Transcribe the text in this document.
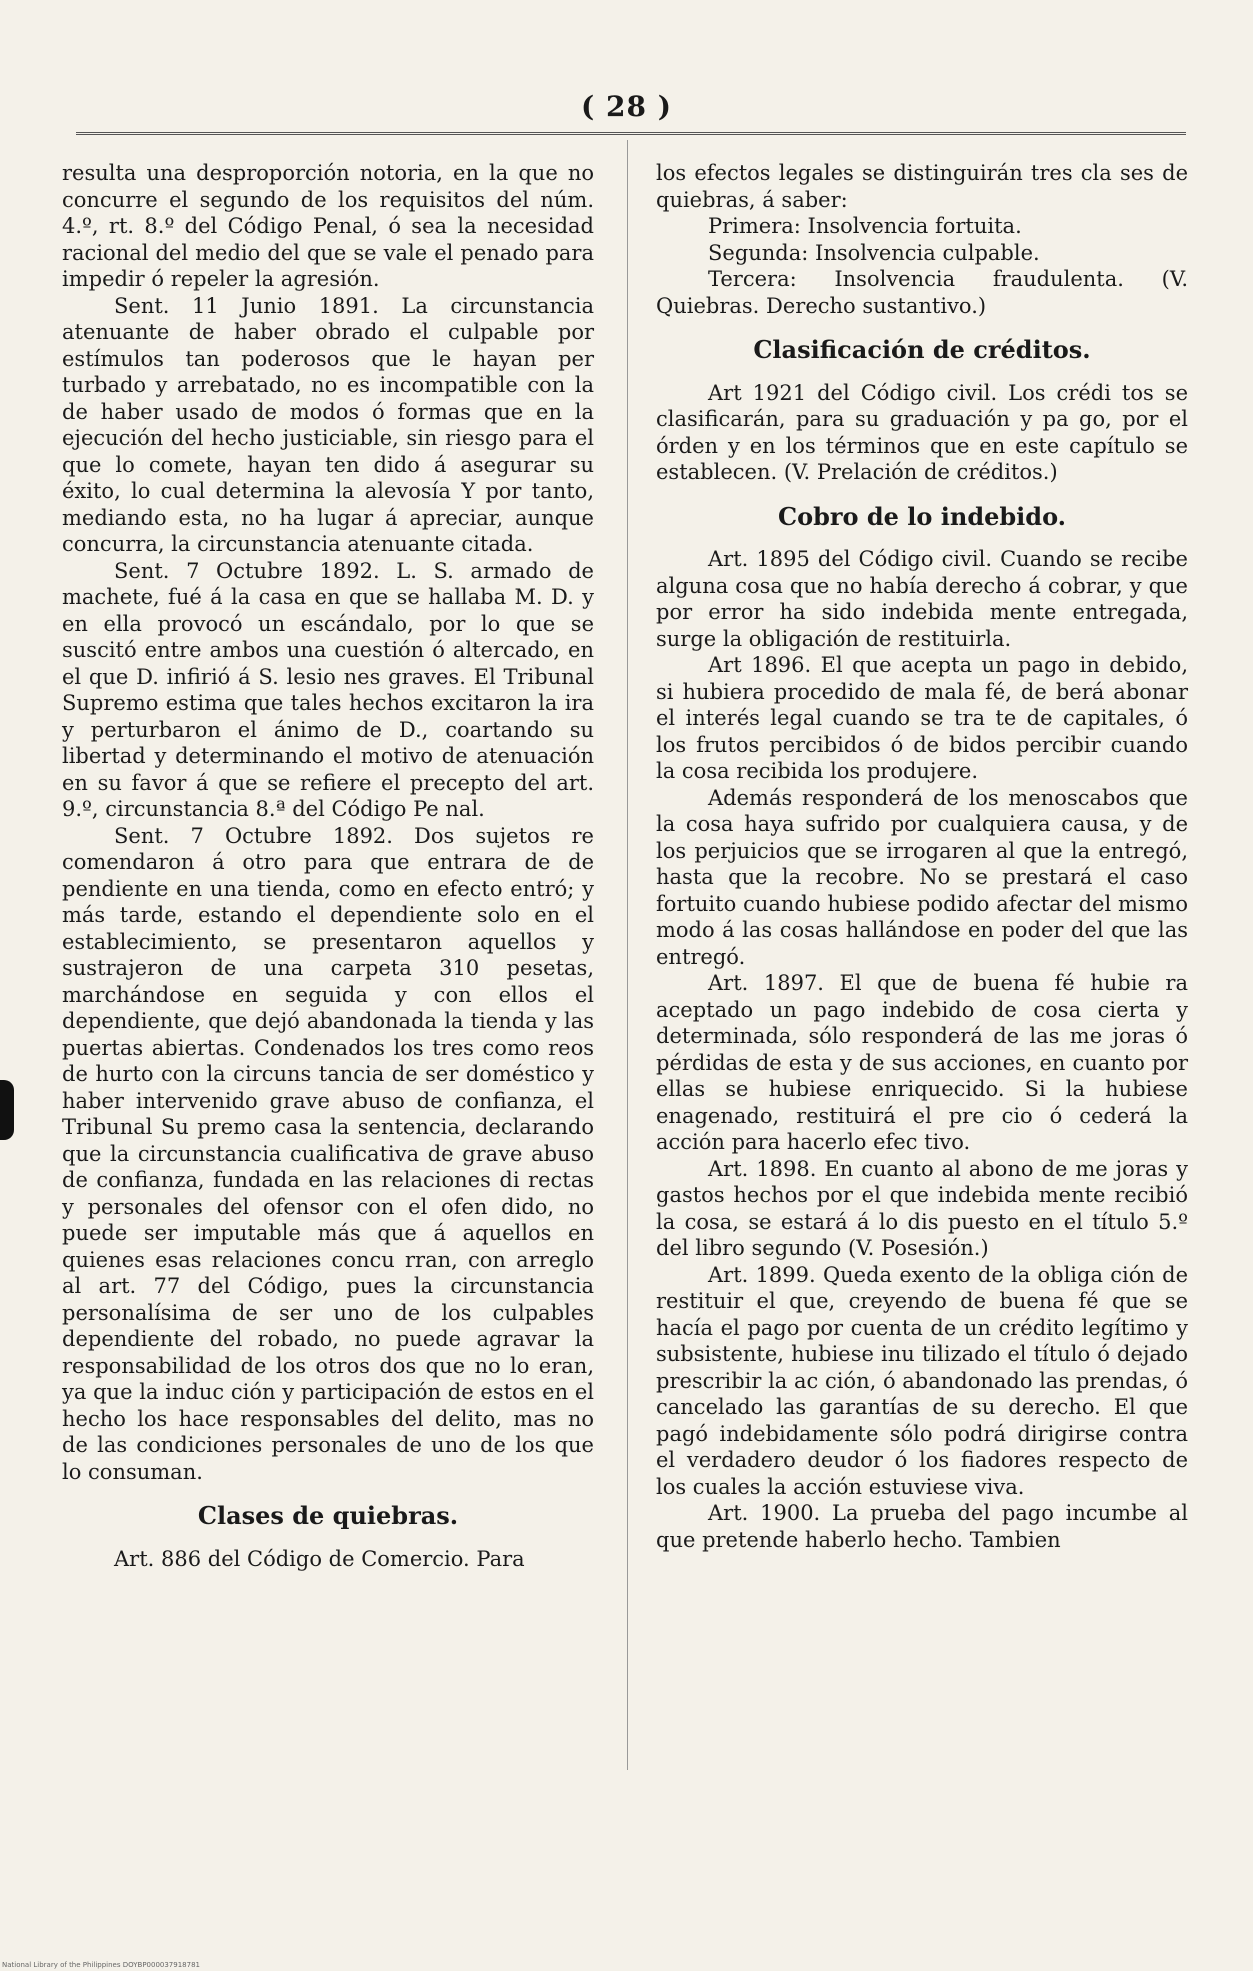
( 28 )

resulta una desproporción notoria, en la que no concurre el segundo de los requisitos del núm. 4.º, rt. 8.º del Código Penal, ó sea la necesidad racional del medio del que se vale el penado para impedir ó repeler la agresión.

Sent. 11 Junio 1891. La circunstancia atenuante de haber obrado el culpable por estímulos tan poderosos que le hayan per turbado y arrebatado, no es incompatible con la de haber usado de modos ó formas que en la ejecución del hecho justiciable, sin riesgo para el que lo comete, hayan ten dido á asegurar su éxito, lo cual determina la alevosía Y por tanto, mediando esta, no ha lugar á apreciar, aunque concurra, la circunstancia atenuante citada.

Sent. 7 Octubre 1892. L. S. armado de machete, fué á la casa en que se hallaba M. D. y en ella provocó un escándalo, por lo que se suscitó entre ambos una cuestión ó altercado, en el que D. infirió á S. lesio nes graves. El Tribunal Supremo estima que tales hechos excitaron la ira y perturbaron el ánimo de D., coartando su libertad y determinando el motivo de atenuación en su favor á que se refiere el precepto del art. 9.º, circunstancia 8.ª del Código Pe nal.

Sent. 7 Octubre 1892. Dos sujetos re comendaron á otro para que entrara de de pendiente en una tienda, como en efecto entró; y más tarde, estando el dependiente solo en el establecimiento, se presentaron aquellos y sustrajeron de una carpeta 310 pesetas, marchándose en seguida y con ellos el dependiente, que dejó abandonada la tienda y las puertas abiertas. Condenados los tres como reos de hurto con la circuns tancia de ser doméstico y haber intervenido grave abuso de confianza, el Tribunal Su premo casa la sentencia, declarando que la circunstancia cualificativa de grave abuso de confianza, fundada en las relaciones di rectas y personales del ofensor con el ofen dido, no puede ser imputable más que á aquellos en quienes esas relaciones concu rran, con arreglo al art. 77 del Código, pues la circunstancia personalísima de ser uno de los culpables dependiente del robado, no puede agravar la responsabilidad de los otros dos que no lo eran, ya que la induc ción y participación de estos en el hecho los hace responsables del delito, mas no de las condiciones personales de uno de los que lo consuman.

Clases de quiebras.

Art. 886 del Código de Comercio. Para

los efectos legales se distinguirán tres cla ses de quiebras, á saber:

Primera: Insolvencia fortuita.

Segunda: Insolvencia culpable.

Tercera: Insolvencia fraudulenta. (V. Quiebras. Derecho sustantivo.)

Clasificación de créditos.

Art 1921 del Código civil. Los crédi tos se clasificarán, para su graduación y pa go, por el órden y en los términos que en este capítulo se establecen. (V. Prelación de créditos.)

Cobro de lo indebido.

Art. 1895 del Código civil. Cuando se recibe alguna cosa que no había derecho á cobrar, y que por error ha sido indebida mente entregada, surge la obligación de restituirla.

Art 1896. El que acepta un pago in debido, si hubiera procedido de mala fé, de berá abonar el interés legal cuando se tra te de capitales, ó los frutos percibidos ó de bidos percibir cuando la cosa recibida los produjere.

Además responderá de los menoscabos que la cosa haya sufrido por cualquiera causa, y de los perjuicios que se irrogaren al que la entregó, hasta que la recobre. No se prestará el caso fortuito cuando hubiese podido afectar del mismo modo á las cosas hallándose en poder del que las entregó.

Art. 1897. El que de buena fé hubie ra aceptado un pago indebido de cosa cierta y determinada, sólo responderá de las me joras ó pérdidas de esta y de sus acciones, en cuanto por ellas se hubiese enriquecido. Si la hubiese enagenado, restituirá el pre cio ó cederá la acción para hacerlo efec tivo.

Art. 1898. En cuanto al abono de me joras y gastos hechos por el que indebida mente recibió la cosa, se estará á lo dis puesto en el título 5.º del libro segundo (V. Posesión.)

Art. 1899. Queda exento de la obliga ción de restituir el que, creyendo de buena fé que se hacía el pago por cuenta de un crédito legítimo y subsistente, hubiese inu tilizado el título ó dejado prescribir la ac ción, ó abandonado las prendas, ó cancelado las garantías de su derecho. El que pagó indebidamente sólo podrá dirigirse contra el verdadero deudor ó los fiadores respecto de los cuales la acción estuviese viva.

Art. 1900. La prueba del pago incumbe al que pretende haberlo hecho. Tambien

National Library of the Philippines DOYBP000037918781
